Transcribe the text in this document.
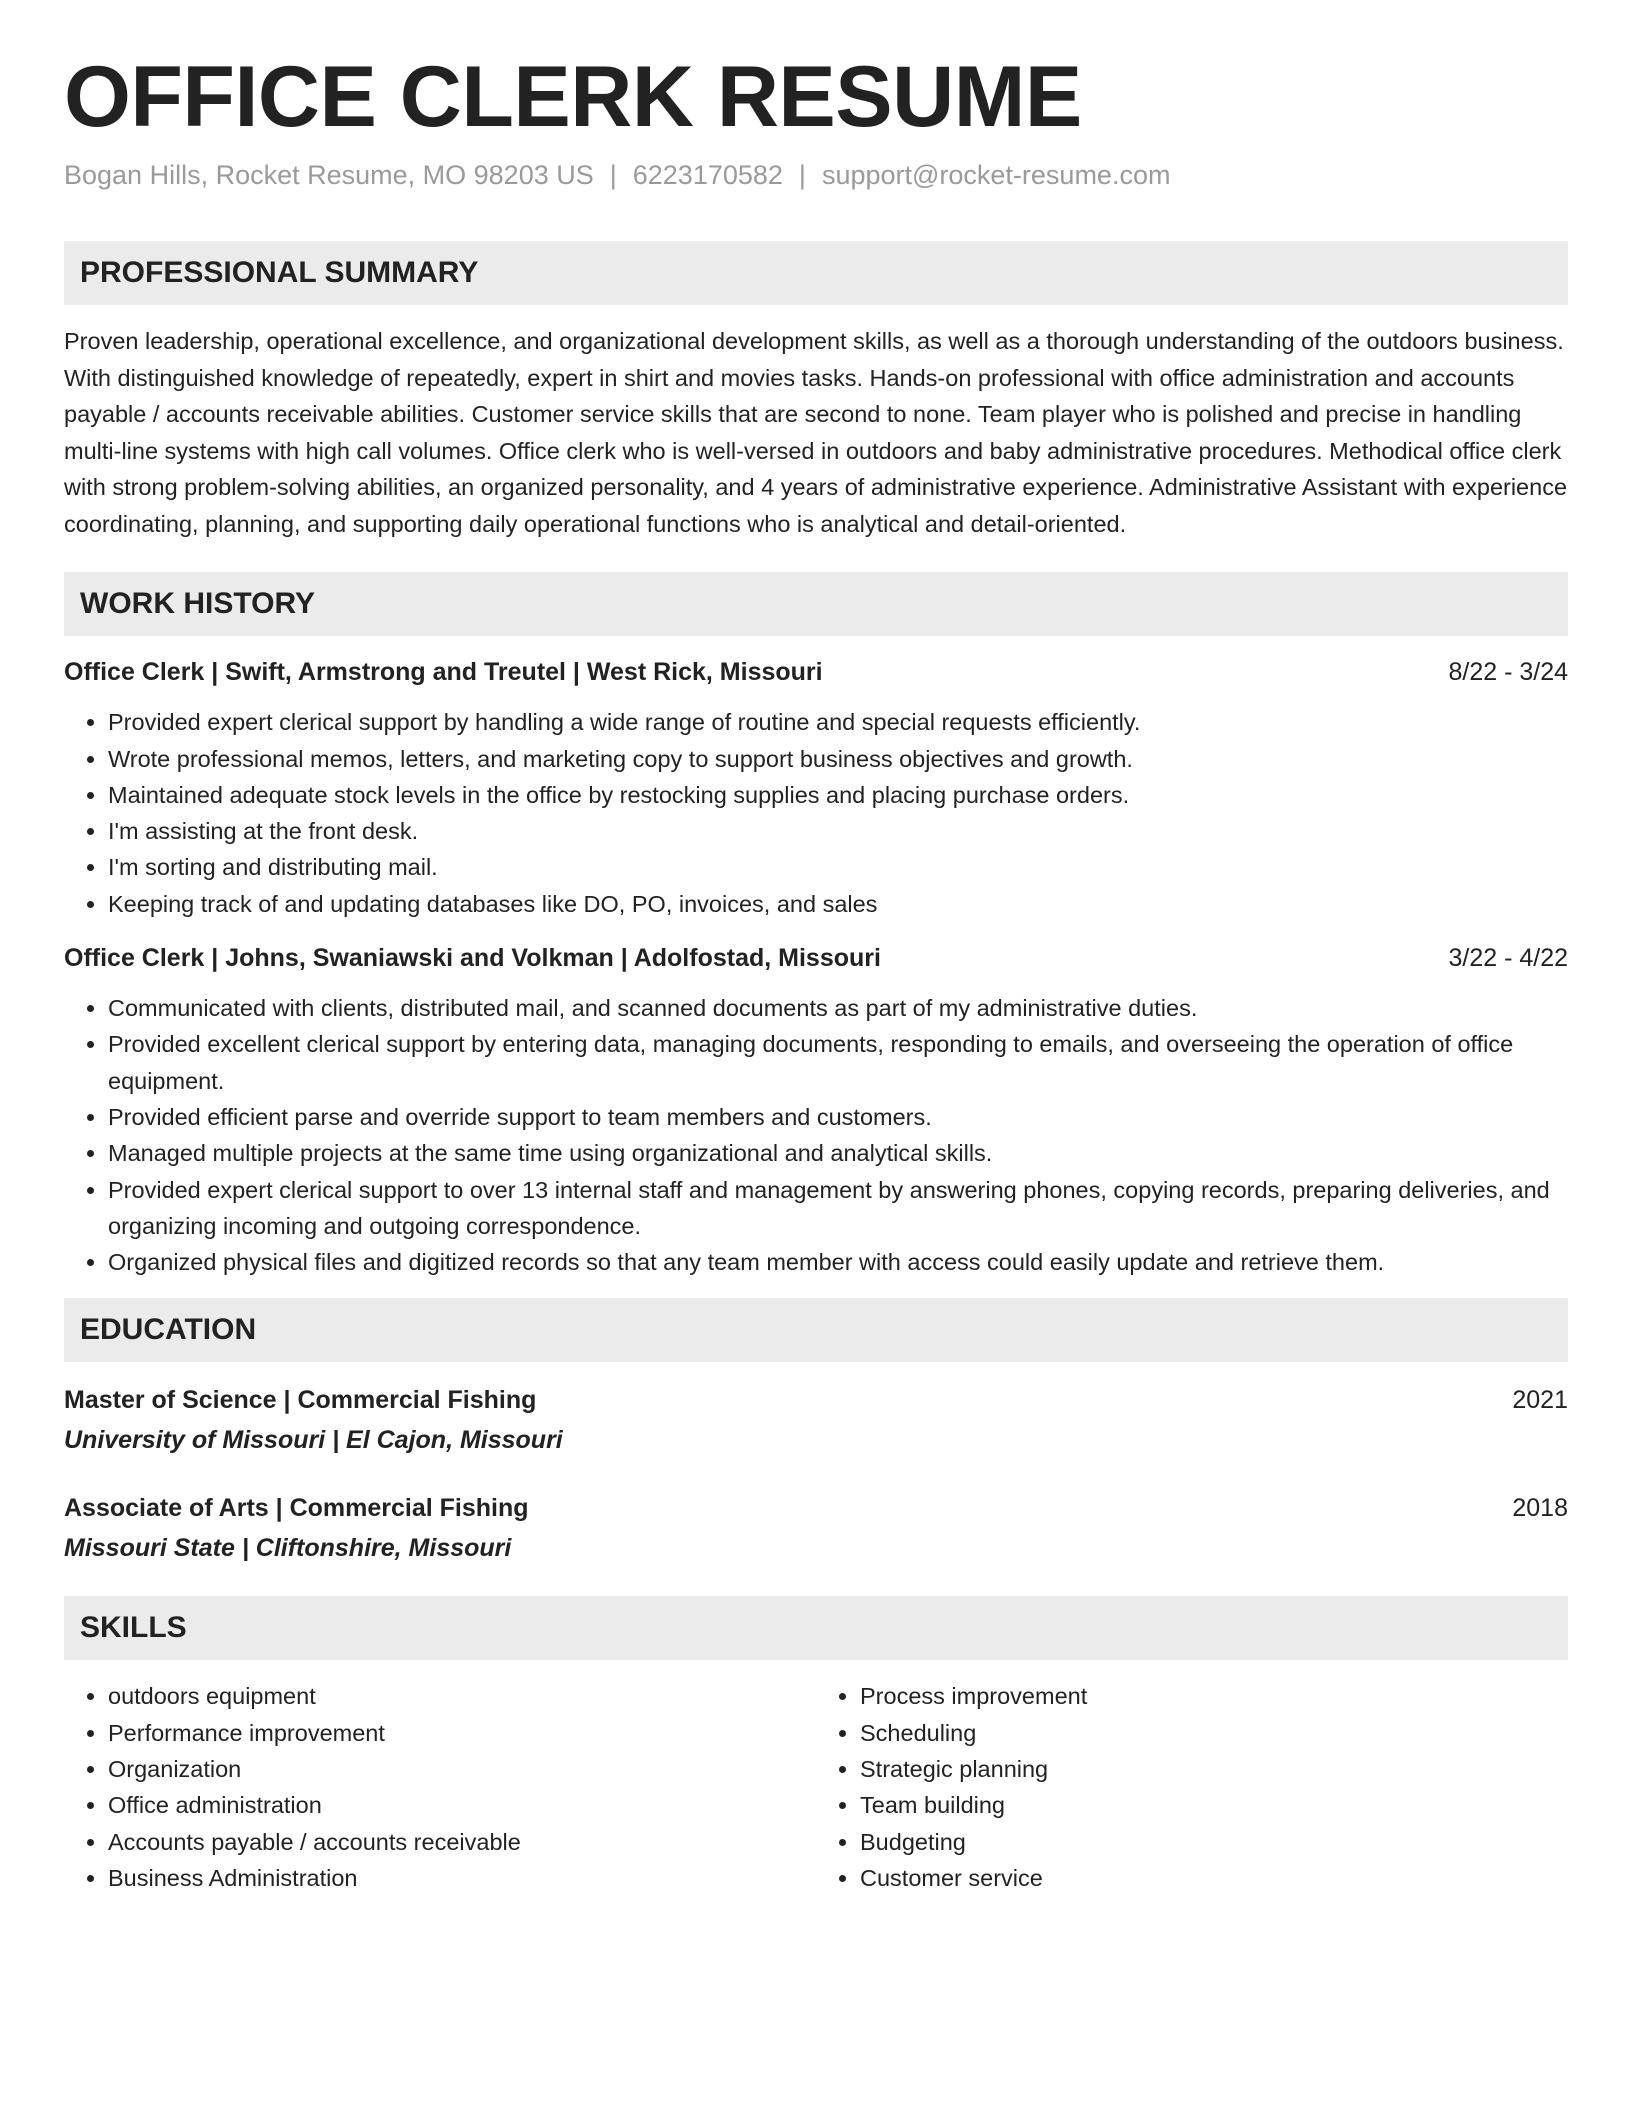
OFFICE CLERK RESUME
Bogan Hills, Rocket Resume, MO 98203 US | 6223170582 | support@rocket-resume.com
PROFESSIONAL SUMMARY

Proven leadership, operational excellence, and organizational development skills, as well as a thorough understanding of the outdoors business. With distinguished knowledge of repeatedly, expert in shirt and movies tasks. Hands-on professional with office administration and accounts payable / accounts receivable abilities. Customer service skills that are second to none. Team player who is polished and precise in handling multi-line systems with high call volumes. Office clerk who is well-versed in outdoors and baby administrative procedures. Methodical office clerk with strong problem-solving abilities, an organized personality, and 4 years of administrative experience. Administrative Assistant with experience coordinating, planning, and supporting daily operational functions who is analytical and detail-oriented.

WORK HISTORY
Office Clerk | Swift, Armstrong and Treutel | West Rick, Missouri	8/22 - 3/24
• Provided expert clerical support by handling a wide range of routine and special requests efficiently.
• Wrote professional memos, letters, and marketing copy to support business objectives and growth.
• Maintained adequate stock levels in the office by restocking supplies and placing purchase orders.
• I'm assisting at the front desk.
• I'm sorting and distributing mail.
• Keeping track of and updating databases like DO, PO, invoices, and sales
Office Clerk | Johns, Swaniawski and Volkman | Adolfostad, Missouri	3/22 - 4/22
• Communicated with clients, distributed mail, and scanned documents as part of my administrative duties.
• Provided excellent clerical support by entering data, managing documents, responding to emails, and overseeing the operation of office equipment.
• Provided efficient parse and override support to team members and customers.
• Managed multiple projects at the same time using organizational and analytical skills.
• Provided expert clerical support to over 13 internal staff and management by answering phones, copying records, preparing deliveries, and organizing incoming and outgoing correspondence.
• Organized physical files and digitized records so that any team member with access could easily update and retrieve them.
EDUCATION
Master of Science | Commercial Fishing	2021
University of Missouri | El Cajon, Missouri
Associate of Arts | Commercial Fishing	2018
Missouri State | Cliftonshire, Missouri
SKILLS
• outdoors equipment
• Performance improvement
• Organization
• Office administration
• Accounts payable / accounts receivable
• Business Administration
• Process improvement
• Scheduling
• Strategic planning
• Team building
• Budgeting
• Customer service
